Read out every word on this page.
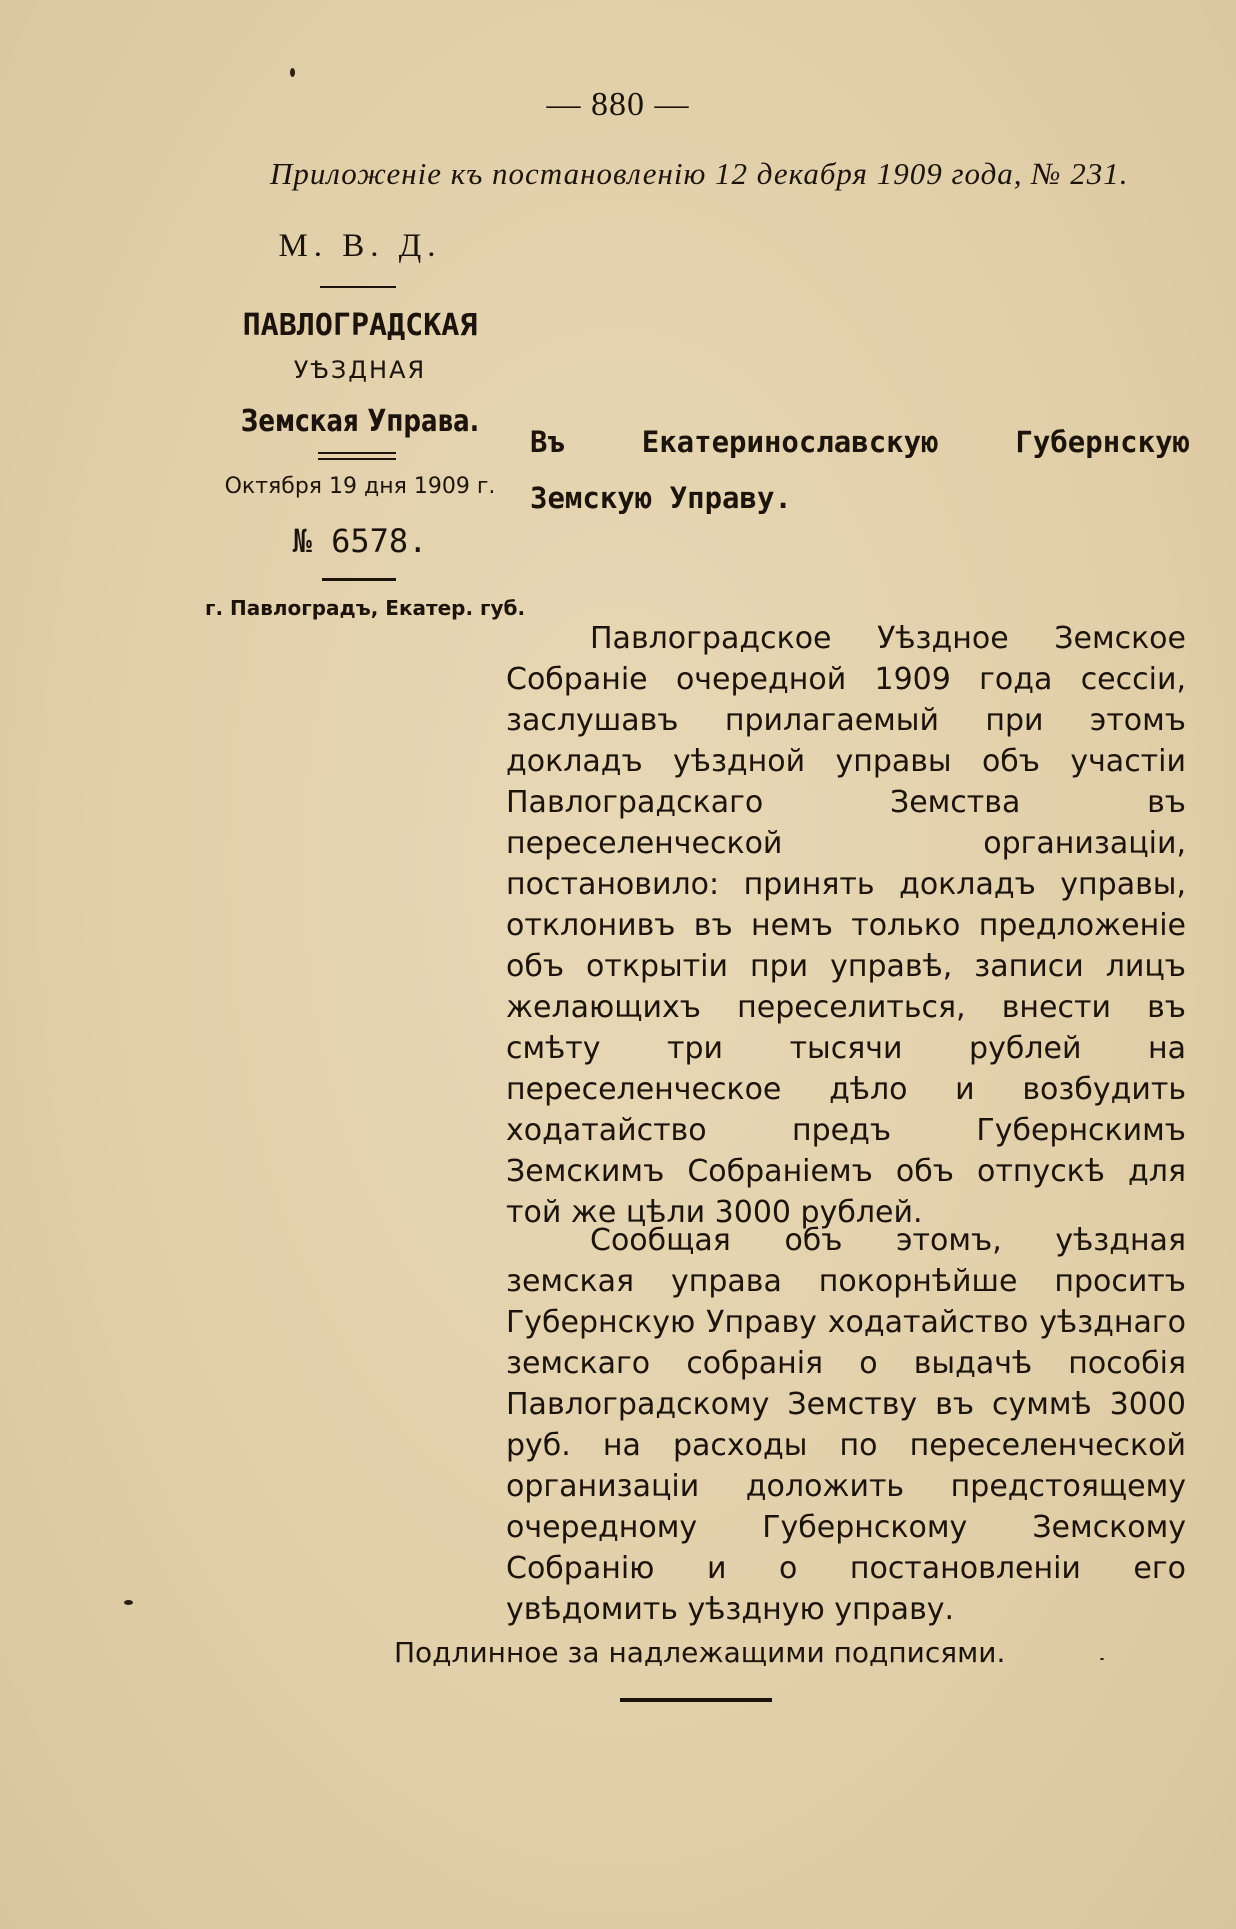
— 880 —
Приложеніе къ постановленію 12 декабря 1909 года, № 231.
М. В. Д.
ПАВЛОГРАДСКАЯ
УѢЗДНАЯ
Земская Управа.
Октября 19 дня 1909 г.
№ 6578.
г. Павлоградъ, Екатер. губ.
Въ Екатеринославскую Губернскую Земскую Управу.
Павлоградское Уѣздное Земское Собраніе очередной 1909 года сессіи, заслушавъ прилагаемый при этомъ докладъ уѣздной управы объ участіи Павлоградскаго Земства въ переселенческой организаціи, постановило: принять докладъ управы, отклонивъ въ немъ только предложеніе объ открытіи при управѣ, записи лицъ желающихъ переселиться, внести въ смѣту три тысячи рублей на переселенческое дѣло и возбудить ходатайство предъ Губернскимъ Земскимъ Собраніемъ объ отпускѣ для той же цѣли 3000 рублей.
Сообщая объ этомъ, уѣздная земская управа покорнѣйше проситъ Губернскую Управу ходатайство уѣзднаго земскаго собранія о выдачѣ пособія Павлоградскому Земству въ суммѣ 3000 руб. на расходы по переселенческой организаціи доложить предстоящему очередному Губернскому Земскому Собранію и о постановленіи его увѣдомить уѣздную управу.
Подлинное за надлежащими подписями.
